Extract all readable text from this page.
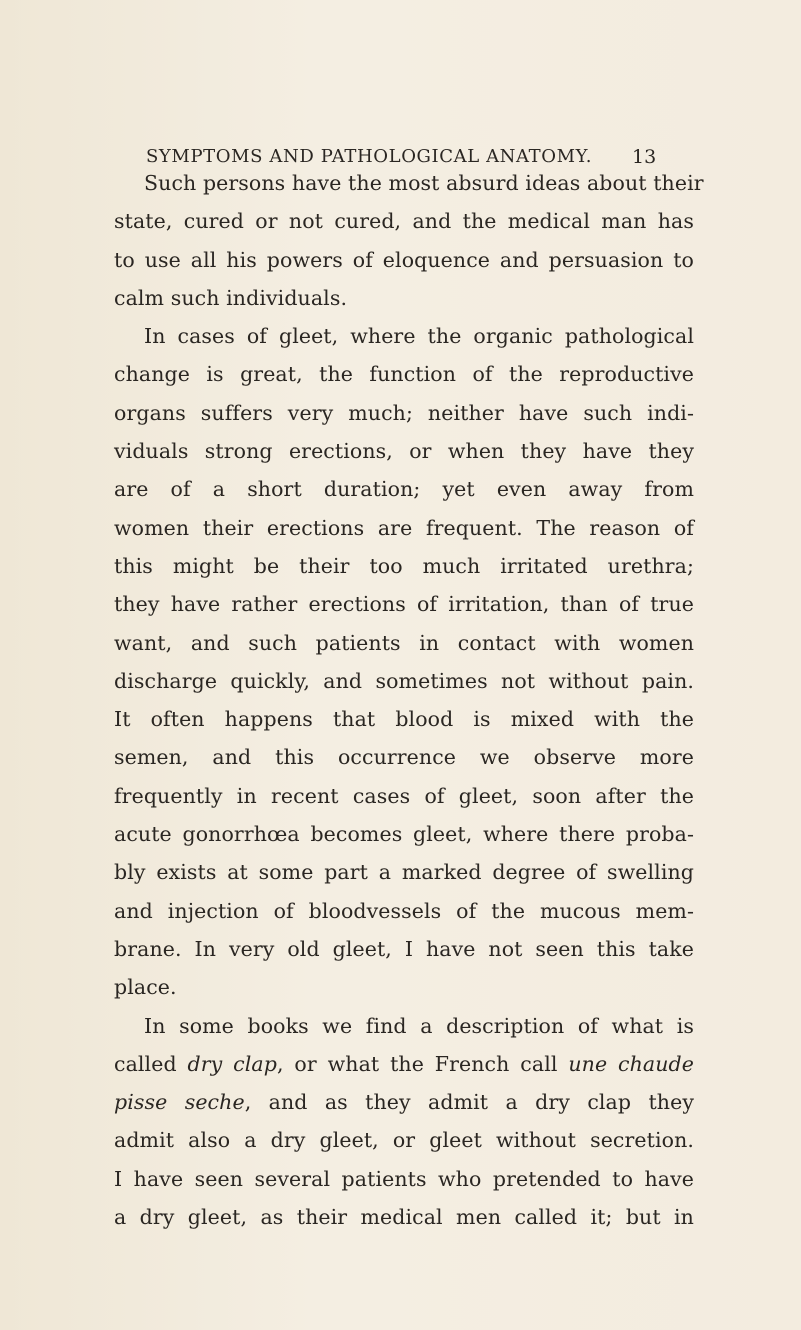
SYMPTOMS AND PATHOLOGICAL ANATOMY. 13
Such persons have the most absurd ideas about their
state, cured or not cured, and the medical man has
to use all his powers of eloquence and persuasion to
calm such individuals.
In cases of gleet, where the organic pathological
change is great, the function of the reproductive
organs suffers very much; neither have such indi-
viduals strong erections, or when they have they
are of a short duration; yet even away from
women their erections are frequent. The reason of
this might be their too much irritated urethra;
they have rather erections of irritation, than of true
want, and such patients in contact with women
discharge quickly, and sometimes not without pain.
It often happens that blood is mixed with the
semen, and this occurrence we observe more
frequently in recent cases of gleet, soon after the
acute gonorrhœa becomes gleet, where there proba-
bly exists at some part a marked degree of swelling
and injection of bloodvessels of the mucous mem-
brane. In very old gleet, I have not seen this take
place.
In some books we find a description of what is
called dry clap, or what the French call une chaude
pisse seche, and as they admit a dry clap they
admit also a dry gleet, or gleet without secretion.
I have seen several patients who pretended to have
a dry gleet, as their medical men called it; but in
